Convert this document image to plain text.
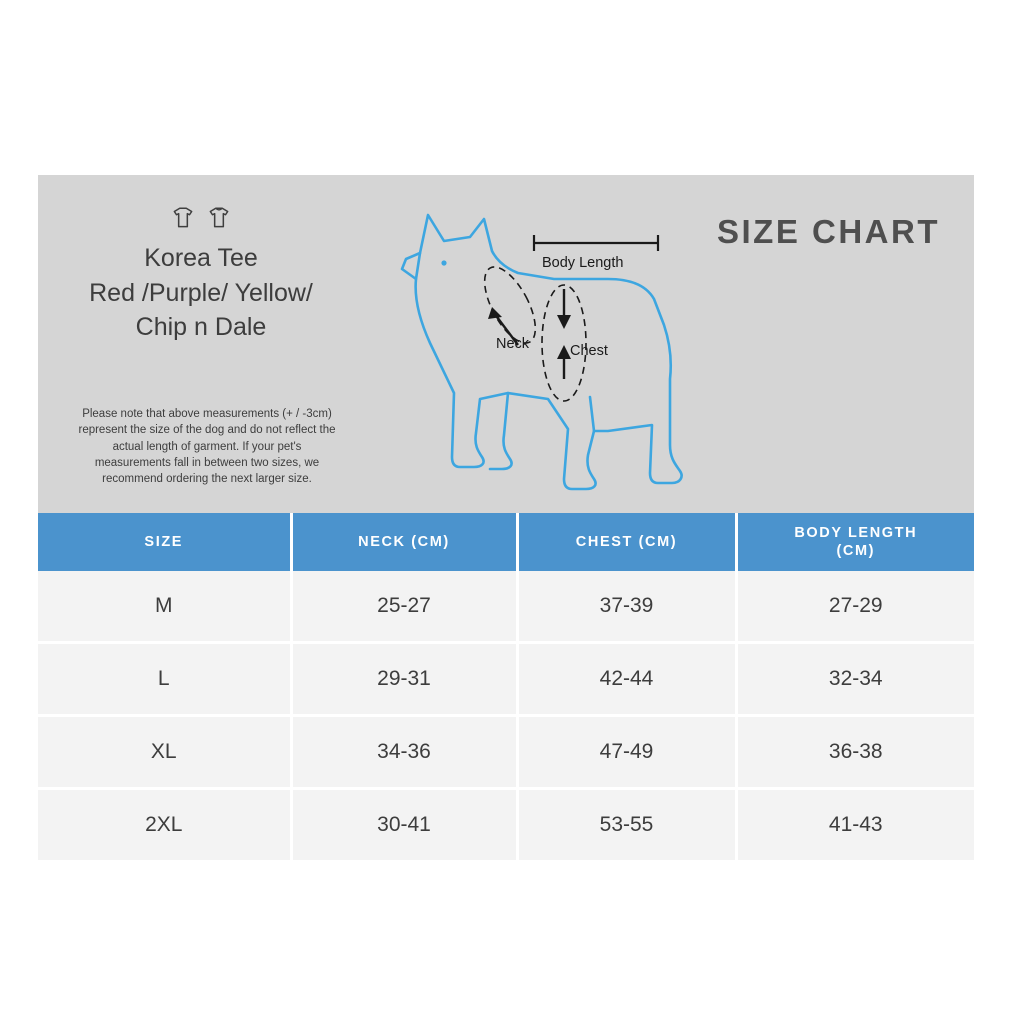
Korea Tee
Red /Purple/ Yellow/
Chip n Dale
Please note that above measurements (+ / -3cm) represent the size of the dog and do not reflect the actual length of garment. If your pet's measurements fall in between two sizes, we recommend ordering the next larger size.
SIZE CHART
Body Length
Neck	Chest
SIZE	NECK (CM)	CHEST (CM)	BODY LENGTH
(CM)
M	25-27	37-39	27-29
L	29-31	42-44	32-34
XL	34-36	47-49	36-38
2XL	30-41	53-55	41-43
